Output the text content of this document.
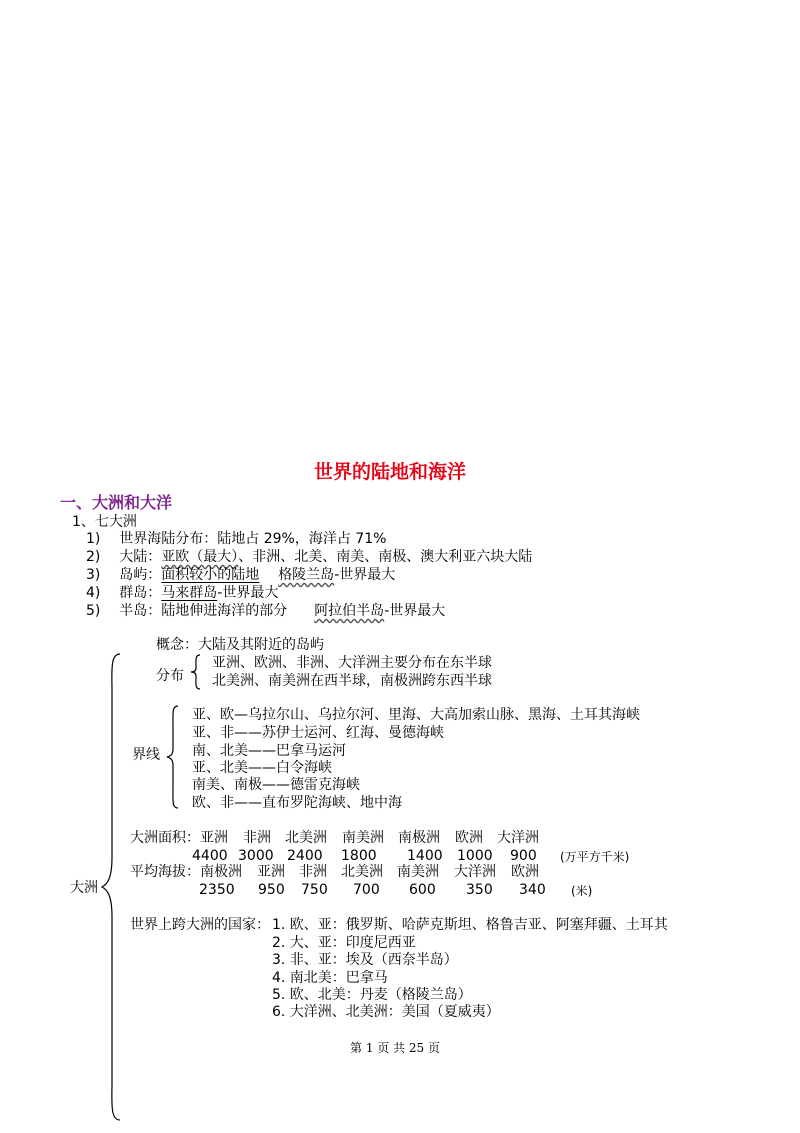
世界的陆地和海洋
一、大洲和大洋
1、七大洲
1) 世界海陆分布：陆地占 29%，海洋占 71%
2) 大陆：亚欧（最大）、非洲、北美、南美、南极、澳大利亚六块大陆
3) 岛屿：面积较小的陆地 格陵兰岛-世界最大
4) 群岛：马来群岛-世界最大
5) 半岛：陆地伸进海洋的部分 阿拉伯半岛-世界最大
大洲
概念：大陆及其附近的岛屿
分布
亚洲、欧洲、非洲、大洋洲主要分布在东半球
北美洲、南美洲在西半球，南极洲跨东西半球
界线
亚、欧—乌拉尔山、乌拉尔河、里海、大高加索山脉、黑海、土耳其海峡
亚、非——苏伊士运河、红海、曼德海峡
南、北美——巴拿马运河
亚、北美——白令海峡
南美、南极——德雷克海峡
欧、非——直布罗陀海峡、地中海
大洲面积： 亚洲 非洲 北美洲 南美洲 南极洲 欧洲 大洋洲
4400 3000 2400 1800 1400 1000 900 (万平方千米)
平均海拔： 南极洲 亚洲 非洲 北美洲 南美洲 大洋洲 欧洲
2350 950 750 700 600 350 340 (米)
世界上跨大洲的国家： 1. 欧、亚：俄罗斯、哈萨克斯坦、格鲁吉亚、阿塞拜疆、土耳其
2. 大、亚：印度尼西亚
3. 非、亚：埃及（西奈半岛）
4. 南北美：巴拿马
5. 欧、北美：丹麦（格陵兰岛）
6. 大洋洲、北美洲：美国（夏威夷）
第 1 页 共 25 页
